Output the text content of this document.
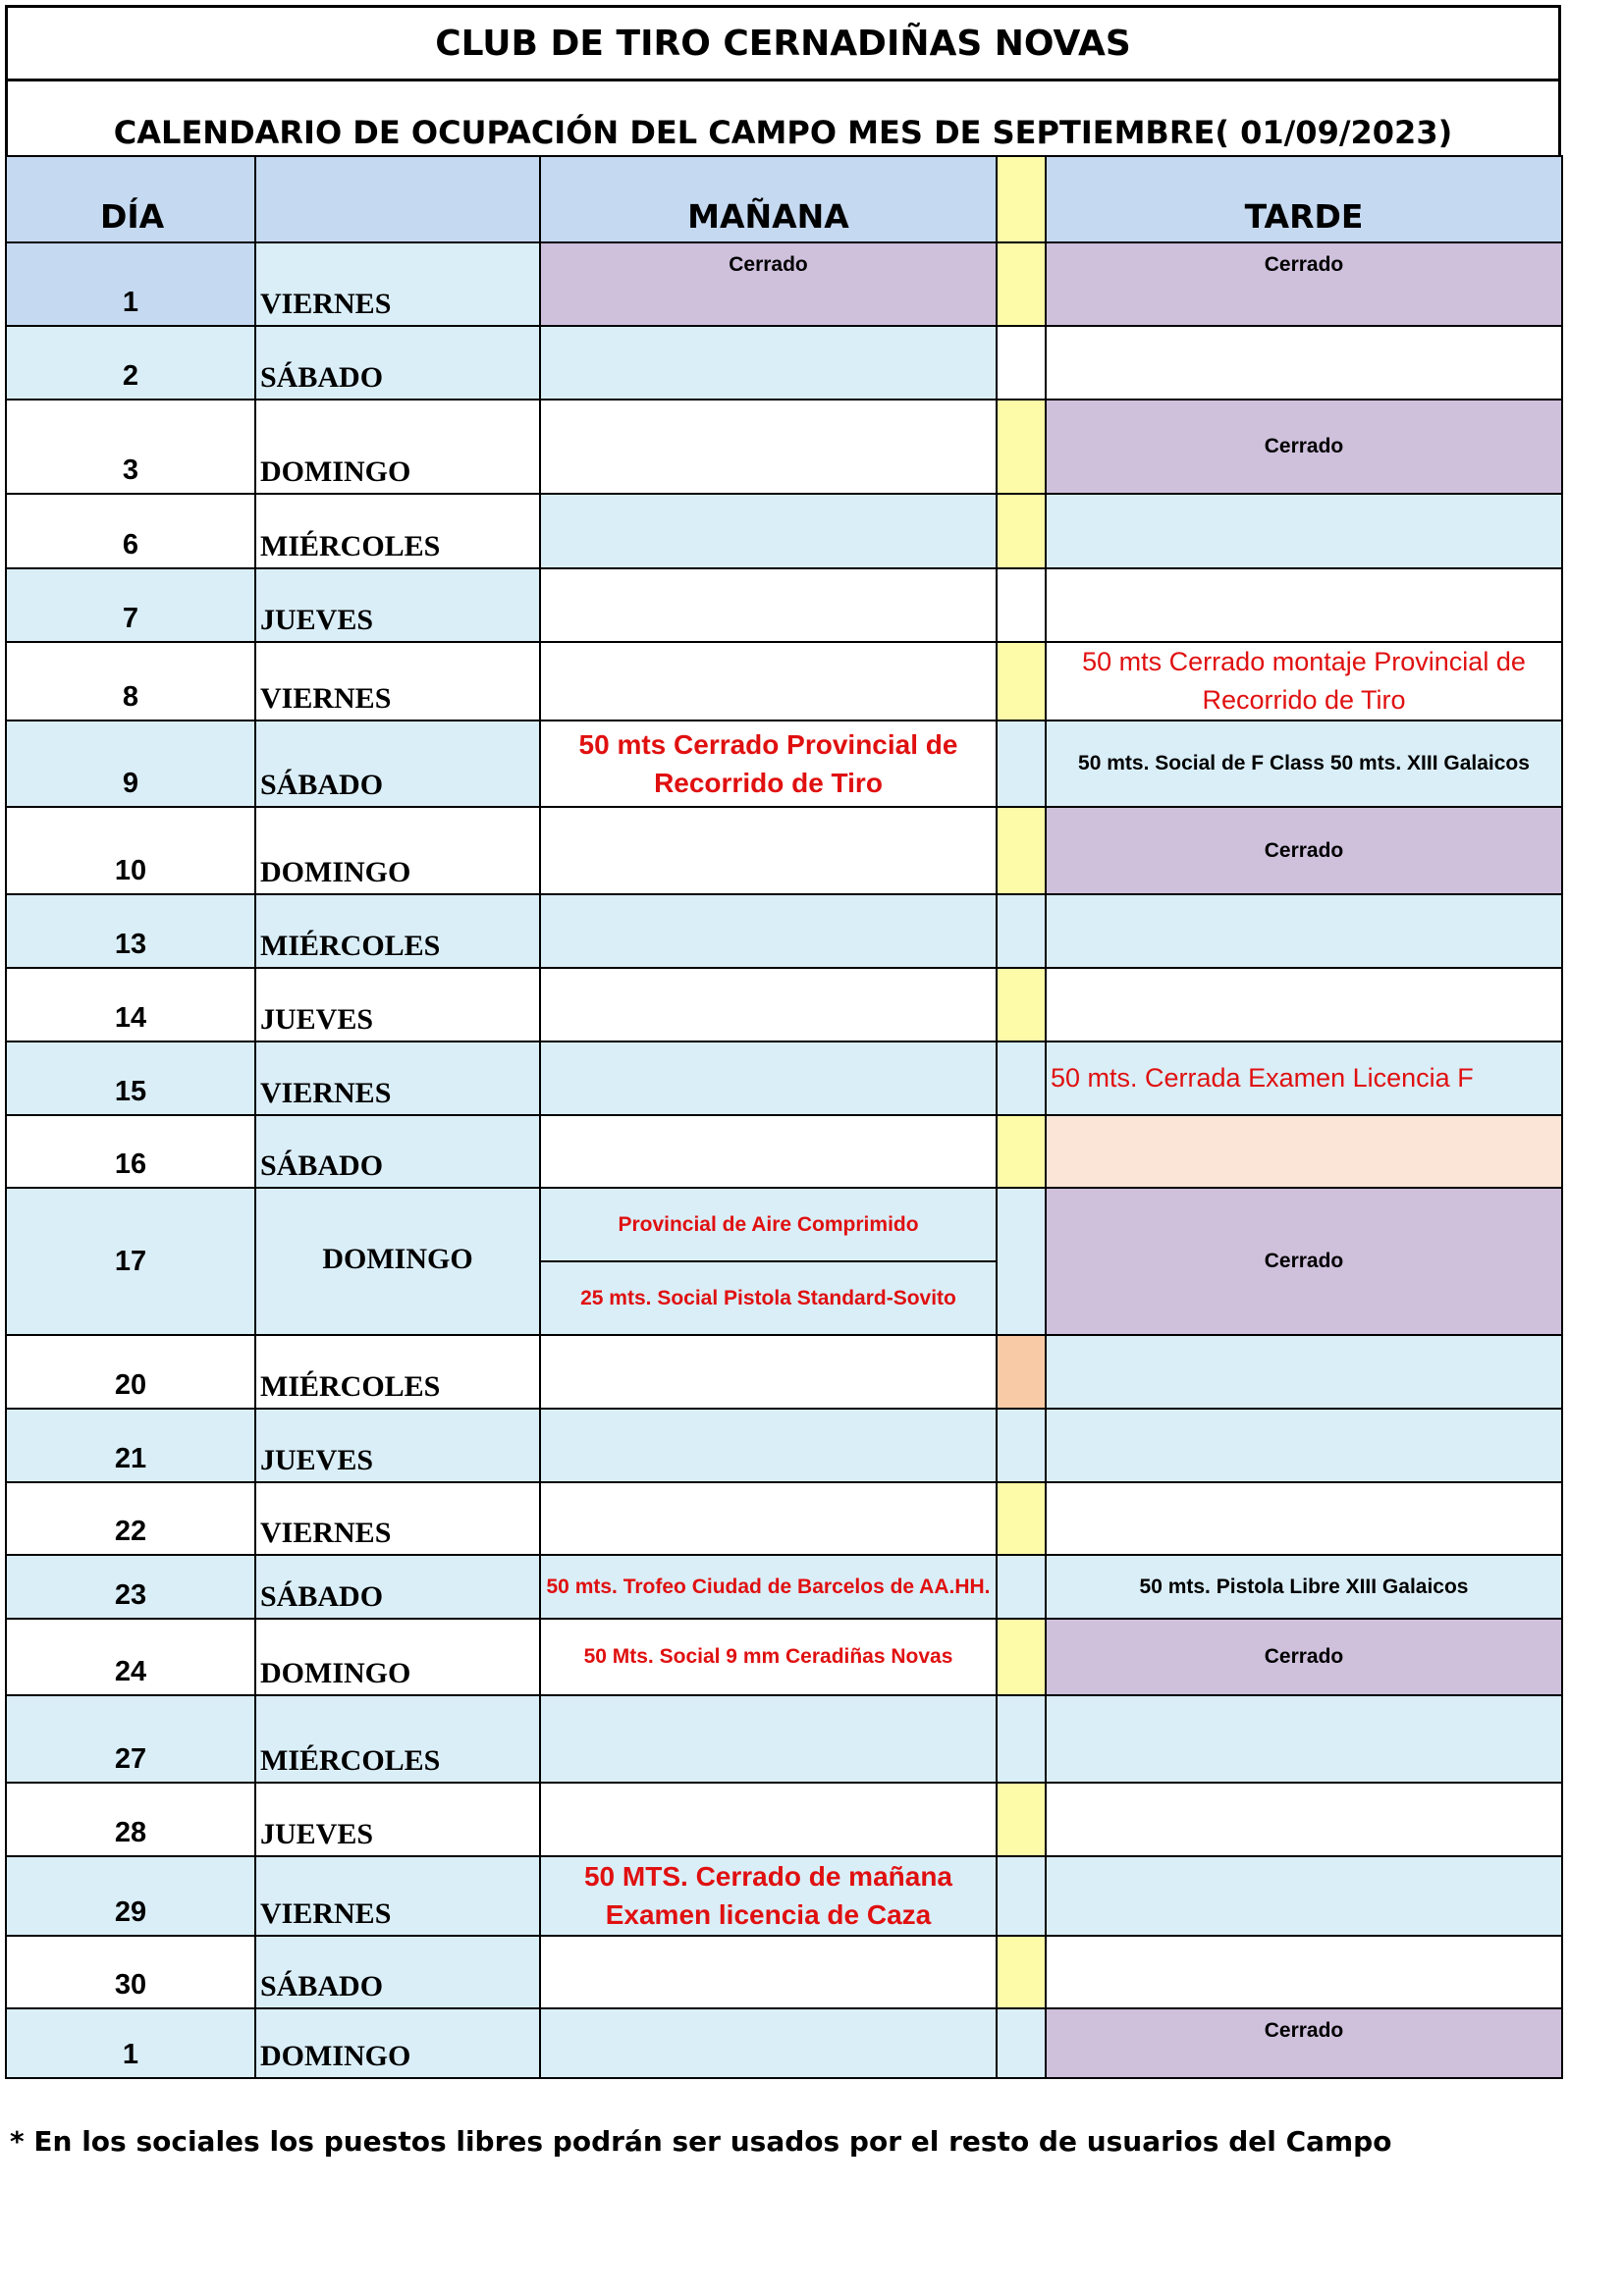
CLUB DE TIRO CERNADIÑAS NOVAS
CALENDARIO DE OCUPACIÓN DEL CAMPO MES DE SEPTIEMBRE( 01/09/2023)
DÍA		MAÑANA		TARDE
1	VIERNES	Cerrado		Cerrado
2	SÁBADO			
3	DOMINGO			Cerrado
6	MIÉRCOLES			
7	JUEVES			
8	VIERNES			50 mts Cerrado montaje Provincial de Recorrido de Tiro
9	SÁBADO	50 mts Cerrado Provincial de Recorrido de Tiro		50 mts. Social de F Class 50 mts. XIII Galaicos
10	DOMINGO			Cerrado
13	MIÉRCOLES			
14	JUEVES			
15	VIERNES			50 mts. Cerrada Examen Licencia F
16	SÁBADO			
17	DOMINGO	Provincial de Aire Comprimido		Cerrado
		25 mts. Social Pistola Standard-Sovito		
20	MIÉRCOLES			
21	JUEVES			
22	VIERNES			
23	SÁBADO	50 mts. Trofeo Ciudad de Barcelos de AA.HH.		50 mts. Pistola Libre XIII Galaicos
24	DOMINGO	50 Mts. Social 9 mm Ceradiñas Novas		Cerrado
27	MIÉRCOLES			
28	JUEVES			
29	VIERNES	50 MTS. Cerrado de mañana Examen licencia de Caza		
30	SÁBADO			
1	DOMINGO			Cerrado
* En los sociales los puestos libres podrán ser usados por el resto de usuarios del Campo
